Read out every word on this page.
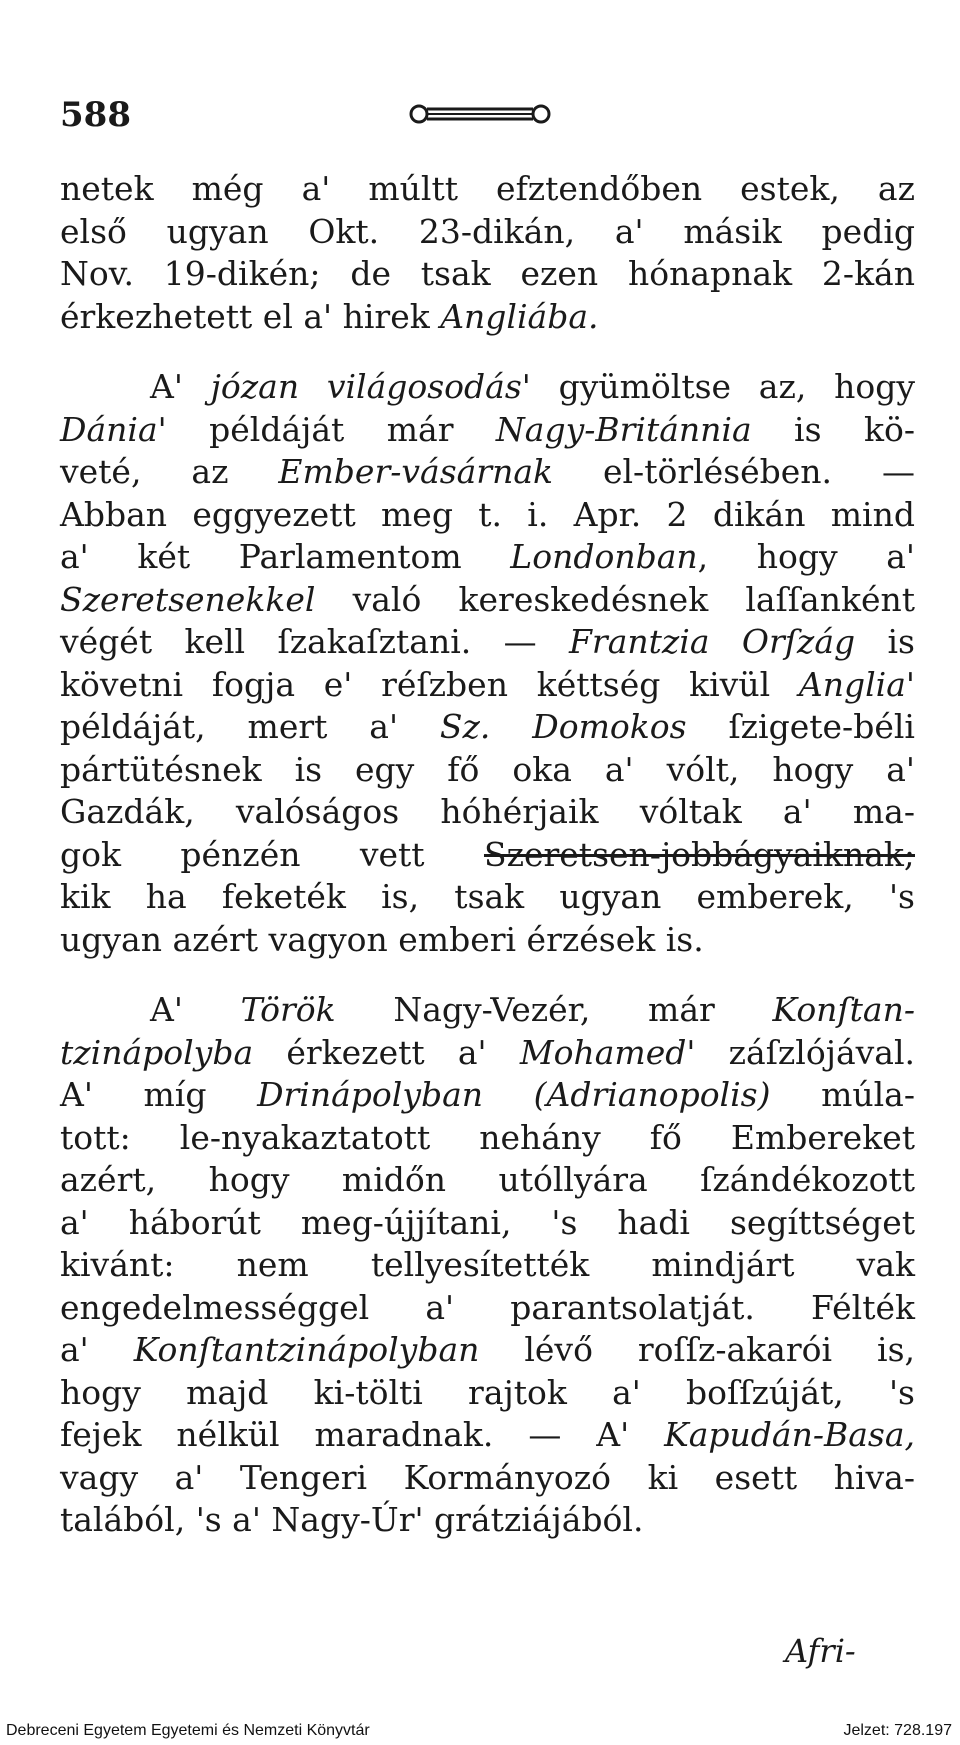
588
netek még a' múltt efztendőben estek, az
első ugyan Okt. 23-dikán, a' másik pedig
Nov. 19-dikén; de tsak ezen hónapnak 2-kán
érkezhetett el a' hirek Angliába.
A' józan világosodás' gyümöltse az, hogy
Dánia' példáját már Nagy-Británnia is kö-
veté, az Ember-vásárnak el-törlésében. —
Abban eggyezett meg t. i. Apr. 2 dikán mind
a' két Parlamentom Londonban, hogy a'
Szeretsenekkel való kereskedésnek laſſanként
végét kell ſzakaſztani. — Frantzia Orſzág is
követni fogja e' réſzben kéttség kivül Anglia'
példáját, mert a' Sz. Domokos ſzigete-béli
pártütésnek is egy fő oka a' vólt, hogy a'
Gazdák, valóságos hóhérjaik vóltak a' ma-
gok pénzén vett Szeretsen-jobbágyaiknak;
kik ha feketék is, tsak ugyan emberek, 's
ugyan azért vagyon emberi érzések is.
A' Török Nagy-Vezér, már Konſtan-
tzinápolyba érkezett a' Mohamed' záſzlójával.
A' míg Drinápolyban (Adrianopolis) múla-
tott: le-nyakaztatott nehány fő Embereket
azért, hogy midőn utóllyára ſzándékozott
a' háborút meg-újjítani, 's hadi segíttséget
kivánt: nem tellyesítették mindjárt vak
engedelmességgel a' parantsolatját. Félték
a' Konſtantzinápolyban lévő roſſz-akarói is,
hogy majd ki-tölti rajtok a' boſſzúját, 's
fejek nélkül maradnak. — A' Kapudán-Basa,
vagy a' Tengeri Kormányozó ki esett hiva-
talából, 's a' Nagy-Úr' grátziájából.
Afri-
Debreceni Egyetem Egyetemi és Nemzeti Könyvtár	Jelzet: 728.197
